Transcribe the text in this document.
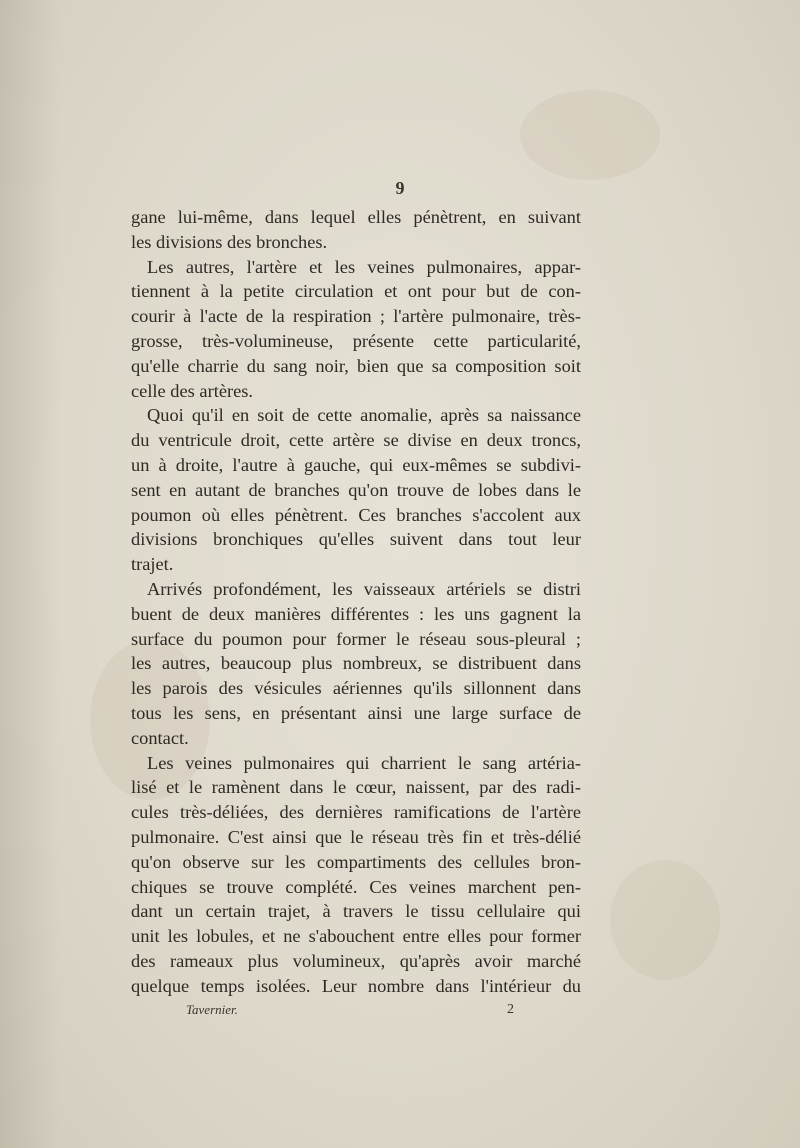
9
gane lui-même, dans lequel elles pénètrent, en suivant
les divisions des bronches.
Les autres, l'artère et les veines pulmonaires, appar-
tiennent à la petite circulation et ont pour but de con-
courir à l'acte de la respiration ; l'artère pulmonaire, très-
grosse, très-volumineuse, présente cette particularité,
qu'elle charrie du sang noir, bien que sa composition soit
celle des artères.
Quoi qu'il en soit de cette anomalie, après sa naissance
du ventricule droit, cette artère se divise en deux troncs,
un à droite, l'autre à gauche, qui eux-mêmes se subdivi-
sent en autant de branches qu'on trouve de lobes dans le
poumon où elles pénètrent. Ces branches s'accolent aux
divisions bronchiques qu'elles suivent dans tout leur
trajet.
Arrivés profondément, les vaisseaux artériels se distri
buent de deux manières différentes : les uns gagnent la
surface du poumon pour former le réseau sous-pleural ;
les autres, beaucoup plus nombreux, se distribuent dans
les parois des vésicules aériennes qu'ils sillonnent dans
tous les sens, en présentant ainsi une large surface de
contact.
Les veines pulmonaires qui charrient le sang artéria-
lisé et le ramènent dans le cœur, naissent, par des radi-
cules très-déliées, des dernières ramifications de l'artère
pulmonaire. C'est ainsi que le réseau très fin et très-délié
qu'on observe sur les compartiments des cellules bron-
chiques se trouve complété. Ces veines marchent pen-
dant un certain trajet, à travers le tissu cellulaire qui
unit les lobules, et ne s'abouchent entre elles pour former
des rameaux plus volumineux, qu'après avoir marché
quelque temps isolées. Leur nombre dans l'intérieur du
Tavernier.	2
